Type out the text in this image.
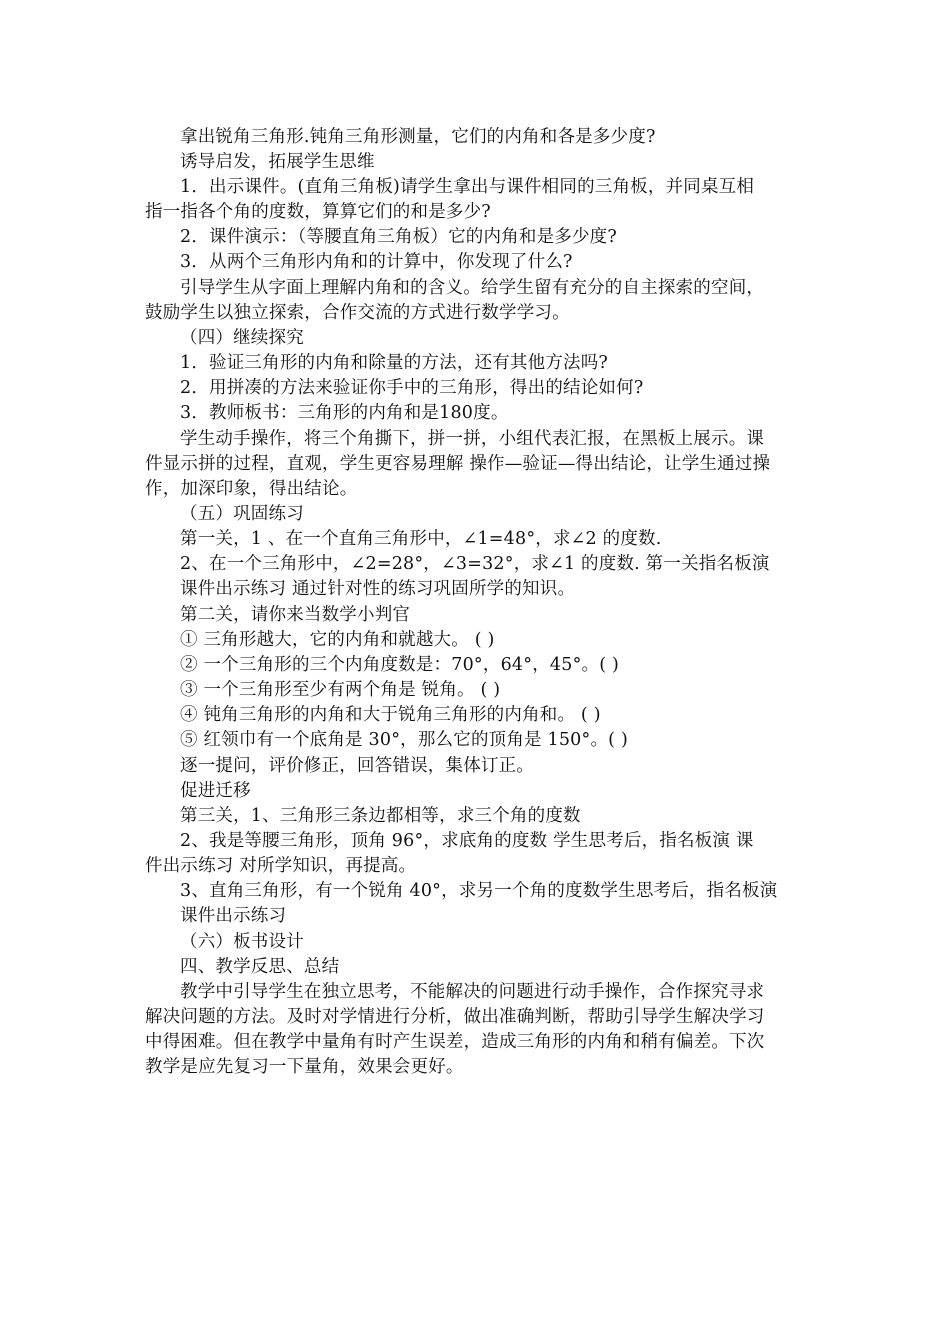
拿出锐角三角形.钝角三角形测量，它们的内角和各是多少度?
诱导启发，拓展学生思维
1．出示课件。(直角三角板)请学生拿出与课件相同的三角板，并同桌互相
指一指各个角的度数，算算它们的和是多少?
2．课件演示：（等腰直角三角板）它的内角和是多少度?
3．从两个三角形内角和的计算中，你发现了什么?
引导学生从字面上理解内角和的含义。给学生留有充分的自主探索的空间，
鼓励学生以独立探索，合作交流的方式进行数学学习。
（四）继续探究
1．验证三角形的内角和除量的方法，还有其他方法吗?
2．用拼凑的方法来验证你手中的三角形，得出的结论如何?
3．教师板书：三角形的内角和是180度。
学生动手操作，将三个角撕下，拼一拼，小组代表汇报，在黑板上展示。课
件显示拼的过程，直观，学生更容易理解 操作—验证—得出结论，让学生通过操
作，加深印象，得出结论。
（五）巩固练习
第一关，1 、在一个直角三角形中，∠1=48°，求∠2 的度数.
2、在一个三角形中，∠2=28°，∠3=32°，求∠1 的度数. 第一关指名板演
课件出示练习 通过针对性的练习巩固所学的知识。
第二关，请你来当数学小判官
① 三角形越大，它的内角和就越大。 ( )
② 一个三角形的三个内角度数是：70°，64°，45°。( )
③ 一个三角形至少有两个角是 锐角。 ( )
④ 钝角三角形的内角和大于锐角三角形的内角和。 ( )
⑤ 红领巾有一个底角是 30°，那么它的顶角是 150°。( )
逐一提问，评价修正，回答错误，集体订正。
促进迁移
第三关，1、三角形三条边都相等，求三个角的度数
2、我是等腰三角形，顶角 96°，求底角的度数 学生思考后，指名板演 课
件出示练习 对所学知识，再提高。
3、直角三角形，有一个锐角 40°，求另一个角的度数学生思考后，指名板演
课件出示练习
（六）板书设计
四、教学反思、总结
教学中引导学生在独立思考，不能解决的问题进行动手操作，合作探究寻求
解决问题的方法。及时对学情进行分析，做出准确判断，帮助引导学生解决学习
中得困难。但在教学中量角有时产生误差，造成三角形的内角和稍有偏差。下次
教学是应先复习一下量角，效果会更好。
